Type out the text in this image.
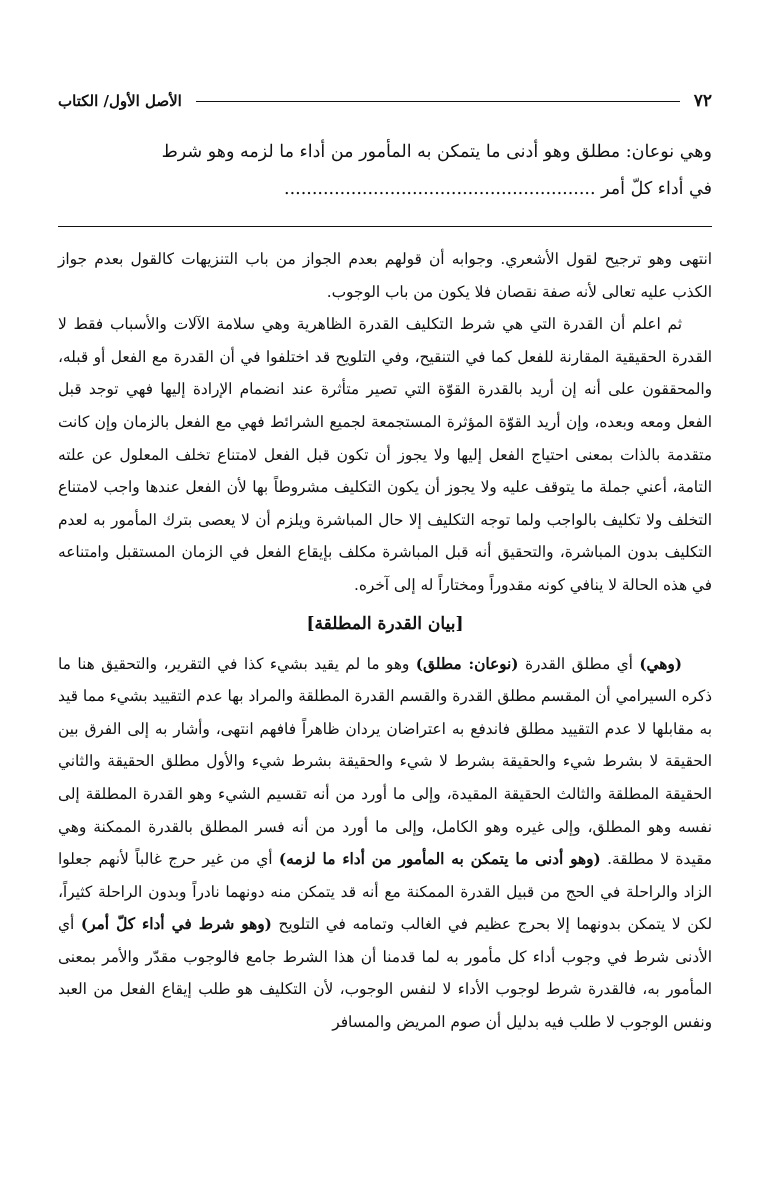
٧٢
الأصل الأول/ الكتاب
وهي نوعان: مطلق وهو أدنى ما يتمكن به المأمور من أداء ما لزمه وهو شرط
في أداء كلّ أمر ........................................................

انتهى وهو ترجيح لقول الأشعري. وجوابه أن قولهم بعدم الجواز من باب التنزيهات كالقول بعدم جواز الكذب عليه تعالى لأنه صفة نقصان فلا يكون من باب الوجوب.

ثم اعلم أن القدرة التي هي شرط التكليف القدرة الظاهرية وهي سلامة الآلات والأسباب فقط لا القدرة الحقيقية المقارنة للفعل كما في التنقيح، وفي التلويح قد اختلفوا في أن القدرة مع الفعل أو قبله، والمحققون على أنه إن أريد بالقدرة القوّة التي تصير متأثرة عند انضمام الإرادة إليها فهي توجد قبل الفعل ومعه وبعده، وإن أريد القوّة المؤثرة المستجمعة لجميع الشرائط فهي مع الفعل بالزمان وإن كانت متقدمة بالذات بمعنى احتياج الفعل إليها ولا يجوز أن تكون قبل الفعل لامتناع تخلف المعلول عن علته التامة، أعني جملة ما يتوقف عليه ولا يجوز أن يكون التكليف مشروطاً بها لأن الفعل عندها واجب لامتناع التخلف ولا تكليف بالواجب ولما توجه التكليف إلا حال المباشرة ويلزم أن لا يعصى بترك المأمور به لعدم التكليف بدون المباشرة، والتحقيق أنه قبل المباشرة مكلف بإيقاع الفعل في الزمان المستقبل وامتناعه في هذه الحالة لا ينافي كونه مقدوراً ومختاراً له إلى آخره.

[بيان القدرة المطلقة]

(وهي) أي مطلق القدرة (نوعان: مطلق) وهو ما لم يقيد بشيء كذا في التقرير، والتحقيق هنا ما ذكره السيرامي أن المقسم مطلق القدرة والقسم القدرة المطلقة والمراد بها عدم التقييد بشيء مما قيد به مقابلها لا عدم التقييد مطلق فاندفع به اعتراضان يردان ظاهراً فافهم انتهى، وأشار به إلى الفرق بين الحقيقة لا بشرط شيء والحقيقة بشرط لا شيء والحقيقة بشرط شيء والأول مطلق الحقيقة والثاني الحقيقة المطلقة والثالث الحقيقة المقيدة، وإلى ما أورد من أنه تقسيم الشيء وهو القدرة المطلقة إلى نفسه وهو المطلق، وإلى غيره وهو الكامل، وإلى ما أورد من أنه فسر المطلق بالقدرة الممكنة وهي مقيدة لا مطلقة. (وهو أدنى ما يتمكن به المأمور من أداء ما لزمه) أي من غير حرج غالباً لأنهم جعلوا الزاد والراحلة في الحج من قبيل القدرة الممكنة مع أنه قد يتمكن منه دونهما نادراً وبدون الراحلة كثيراً، لكن لا يتمكن بدونهما إلا بحرج عظيم في الغالب وتمامه في التلويح (وهو شرط في أداء كلّ أمر) أي الأدنى شرط في وجوب أداء كل مأمور به لما قدمنا أن هذا الشرط جامع فالوجوب مقدّر والأمر بمعنى المأمور به، فالقدرة شرط لوجوب الأداء لا لنفس الوجوب، لأن التكليف هو طلب إيقاع الفعل من العبد ونفس الوجوب لا طلب فيه بدليل أن صوم المريض والمسافر
